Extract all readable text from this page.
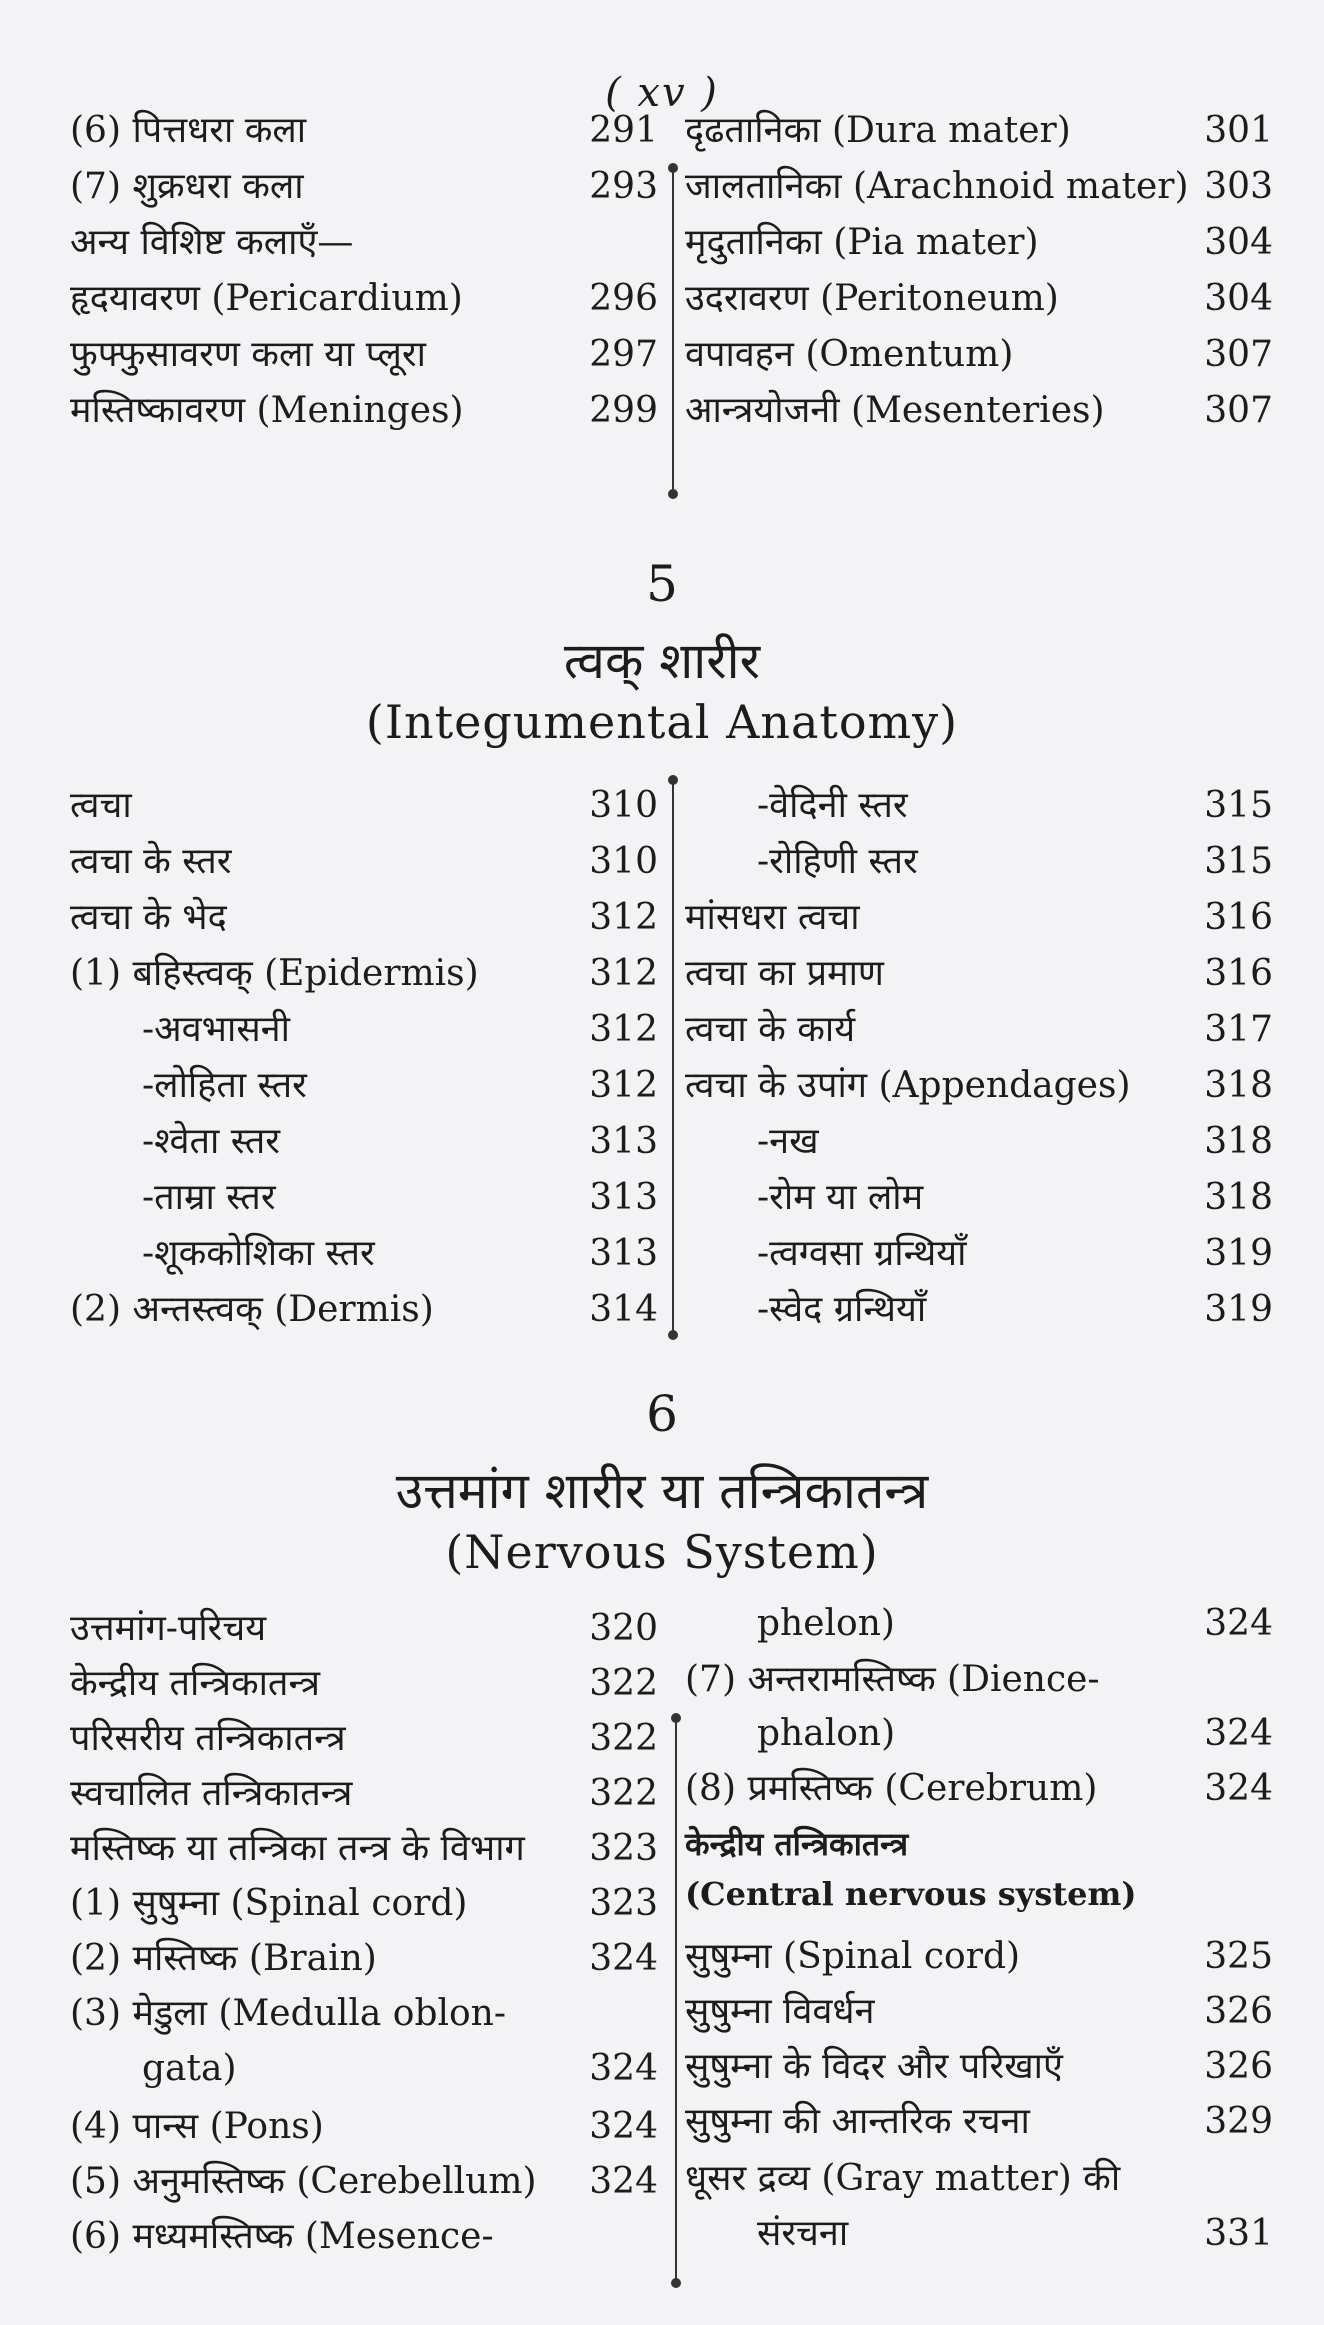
( xv )
(6) पित्तधरा कला	291
(7) शुक्रधरा कला	293
अन्य विशिष्ट कलाएँ—
हृदयावरण (Pericardium)	296
फुफ्फुसावरण कला या प्लूरा	297
मस्तिष्कावरण (Meninges)	299
दृढतानिका (Dura mater)	301
जालतानिका (Arachnoid mater) 303
मृदुतानिका (Pia mater)	304
उदरावरण (Peritoneum)	304
वपावहन (Omentum)	307
आन्त्रयोजनी (Mesenteries)	307
5
त्वक् शारीर
(Integumental Anatomy)
त्वचा	310
त्वचा के स्तर	310
त्वचा के भेद	312
(1) बहिस्त्वक् (Epidermis)	312
-अवभासनी	312
-लोहिता स्तर	312
-श्वेता स्तर	313
-ताम्रा स्तर	313
-शूककोशिका स्तर	313
(2) अन्तस्त्वक् (Dermis)	314
-वेदिनी स्तर	315
-रोहिणी स्तर	315
मांसधरा त्वचा	316
त्वचा का प्रमाण	316
त्वचा के कार्य	317
त्वचा के उपांग (Appendages) 318
-नख	318
-रोम या लोम	318
-त्वग्वसा ग्रन्थियाँ	319
-स्वेद ग्रन्थियाँ	319
6
उत्तमांग शारीर या तन्त्रिकातन्त्र
(Nervous System)
उत्तमांग-परिचय	320
केन्द्रीय तन्त्रिकातन्त्र	322
परिसरीय तन्त्रिकातन्त्र	322
स्वचालित तन्त्रिकातन्त्र	322
मस्तिष्क या तन्त्रिका तन्त्र के विभाग 323
(1) सुषुम्ना (Spinal cord)	323
(2) मस्तिष्क (Brain)	324
(3) मेडुला (Medulla oblon-
gata)	324
(4) पान्स (Pons)	324
(5) अनुमस्तिष्क (Cerebellum) 324
(6) मध्यमस्तिष्क (Mesence-
phelon)	324
(7) अन्तरामस्तिष्क (Dience-
phalon)	324
(8) प्रमस्तिष्क (Cerebrum)	324
केन्द्रीय तन्त्रिकातन्त्र
(Central nervous system)
सुषुम्ना (Spinal cord)	325
सुषुम्ना विवर्धन	326
सुषुम्ना के विदर और परिखाएँ	326
सुषुम्ना की आन्तरिक रचना	329
धूसर द्रव्य (Gray matter) की
संरचना	331
